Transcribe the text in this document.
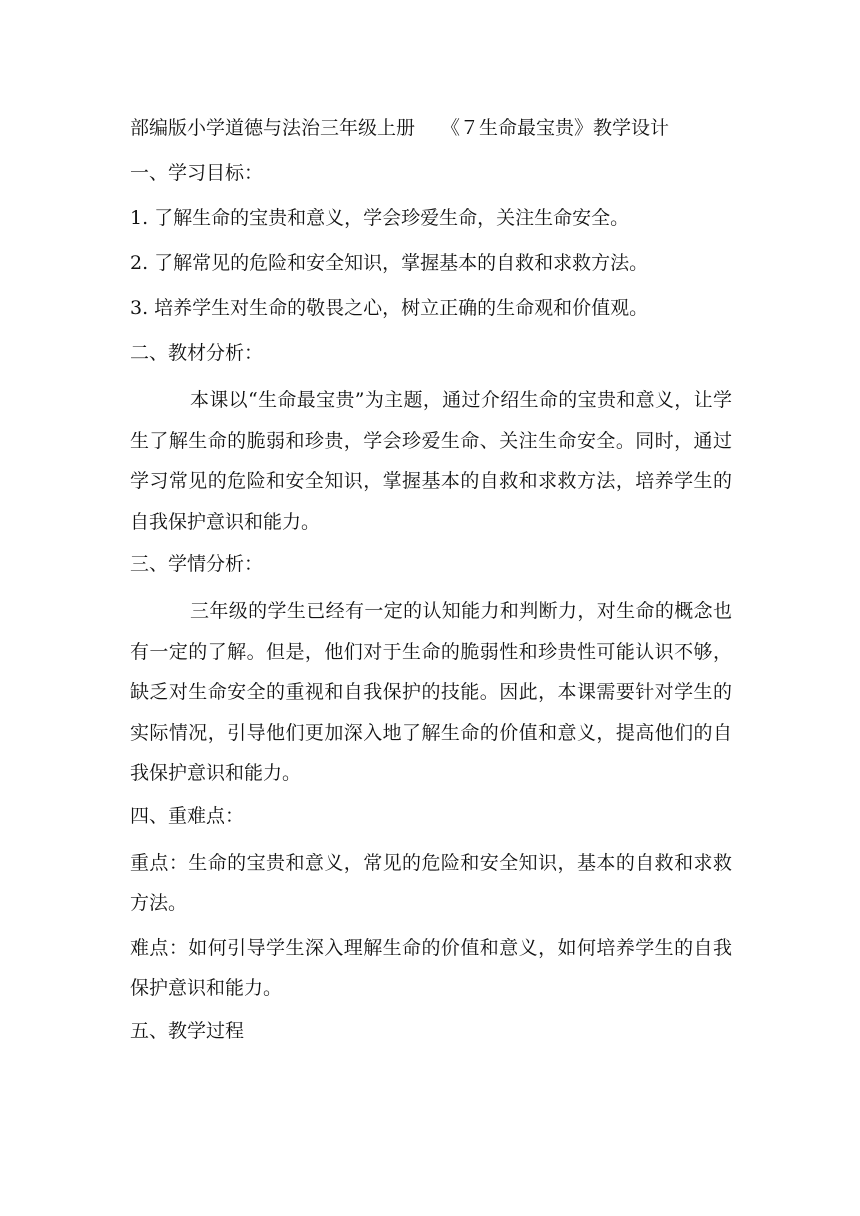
部编版小学道德与法治三年级上册 《７生命最宝贵》教学设计

一、学习目标：

1. 了解生命的宝贵和意义，学会珍爱生命，关注生命安全。

2. 了解常见的危险和安全知识，掌握基本的自救和求救方法。

3. 培养学生对生命的敬畏之心，树立正确的生命观和价值观。

二、教材分析：

本课以“生命最宝贵”为主题，通过介绍生命的宝贵和意义，让学生了解生命的脆弱和珍贵，学会珍爱生命、关注生命安全。同时，通过学习常见的危险和安全知识，掌握基本的自救和求救方法，培养学生的自我保护意识和能力。

三、学情分析：

三年级的学生已经有一定的认知能力和判断力，对生命的概念也有一定的了解。但是，他们对于生命的脆弱性和珍贵性可能认识不够，缺乏对生命安全的重视和自我保护的技能。因此，本课需要针对学生的实际情况，引导他们更加深入地了解生命的价值和意义，提高他们的自我保护意识和能力。

四、重难点：

重点：生命的宝贵和意义，常见的危险和安全知识，基本的自救和求救方法。

难点：如何引导学生深入理解生命的价值和意义，如何培养学生的自我保护意识和能力。

五、教学过程
